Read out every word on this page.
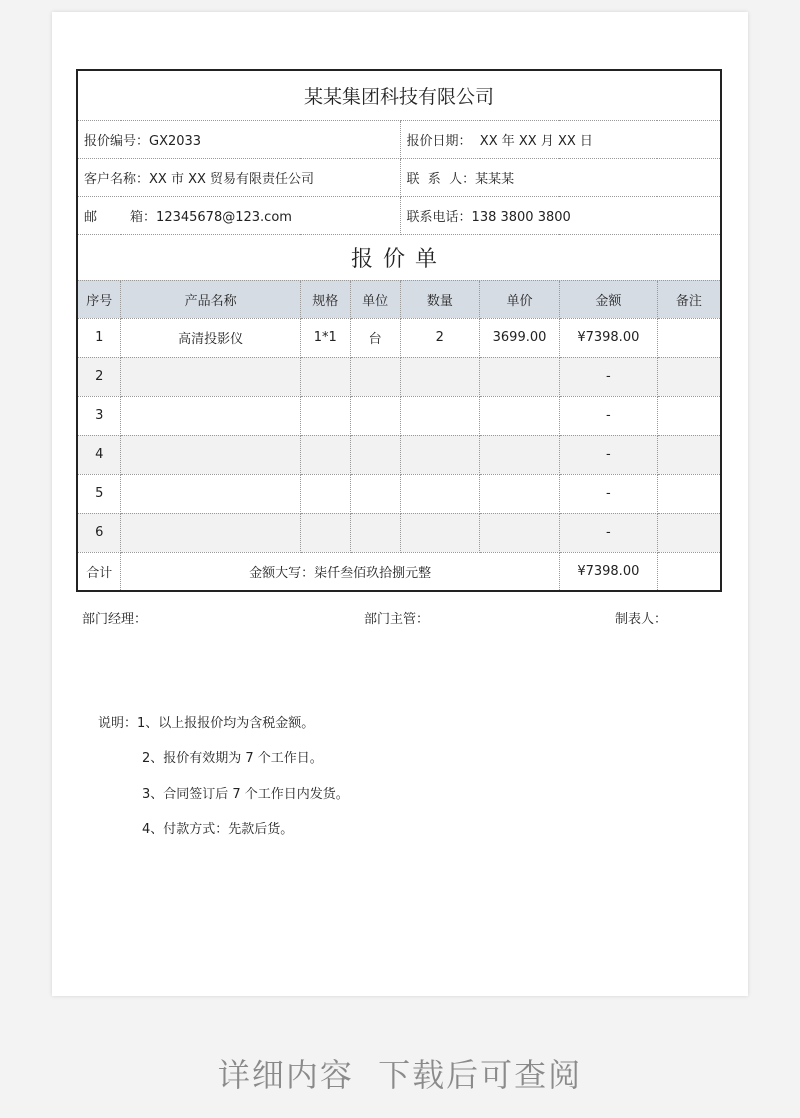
某某集团科技有限公司							
报价编号：GX2033				报价日期：  XX 年 XX 月 XX 日			
客户名称：XX 市 XX 贸易有限责任公司				联  系  人：某某某			
邮        箱：12345678@123.com				联系电话：138 3800 3800			
报价单							
序号	产品名称	规格	单位	数量	单价	金额	备注
1	高清投影仪	1*1	台	2	3699.00	¥7398.00	
2						-	
3						-	
4						-	
5						-	
6						-	
合计	金额大写：柒仟叁佰玖拾捌元整					¥7398.00	
部门经理：	部门主管：	制表人：
说明：1、以上报报价均为含税金额。
2、报价有效期为 7 个工作日。
3、合同签订后 7 个工作日内发货。
4、付款方式：先款后货。
详细内容  下载后可查阅
